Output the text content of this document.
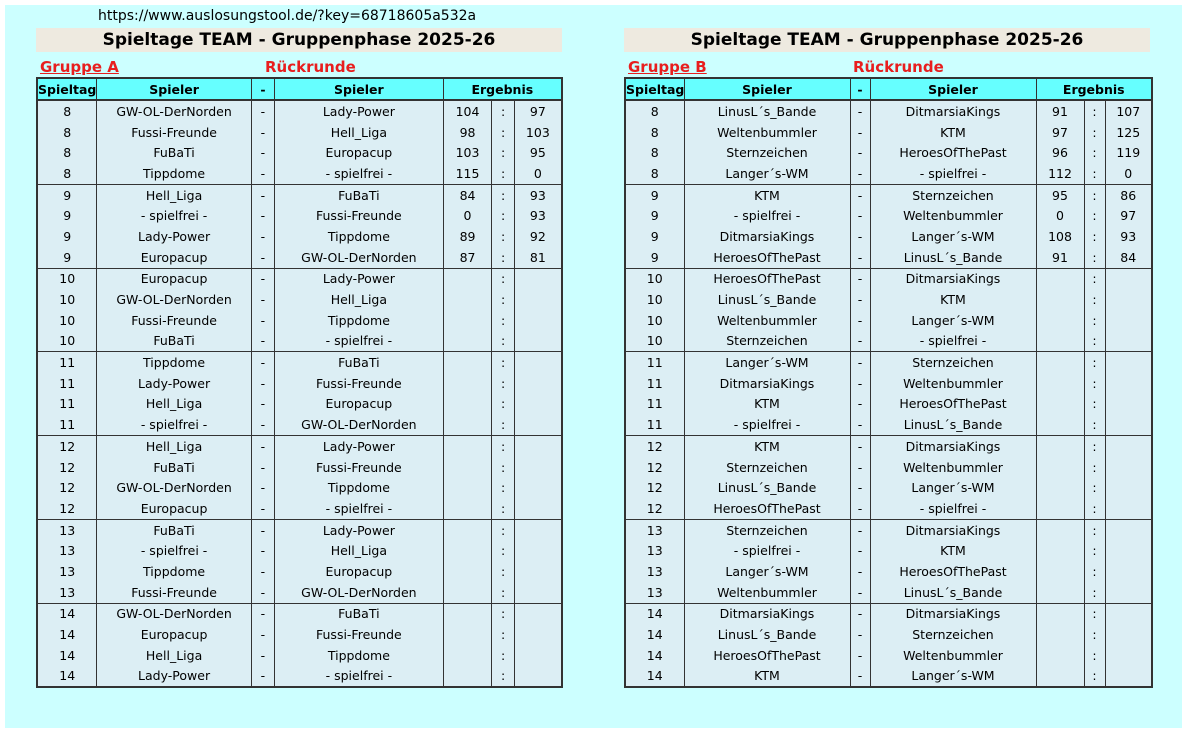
https://www.auslosungstool.de/?key=68718605a532a
Spieltage TEAM - Gruppenphase 2025-26
Gruppe A	Rückrunde
Spieltag	Spieler	-	Spieler	Ergebnis		
8	GW-OL-DerNorden	-	Lady-Power	104	:	97
8	Fussi-Freunde	-	Hell_Liga	98	:	103
8	FuBaTi	-	Europacup	103	:	95
8	Tippdome	-	- spielfrei -	115	:	0
9	Hell_Liga	-	FuBaTi	84	:	93
9	- spielfrei -	-	Fussi-Freunde	0	:	93
9	Lady-Power	-	Tippdome	89	:	92
9	Europacup	-	GW-OL-DerNorden	87	:	81
10	Europacup	-	Lady-Power		:	
10	GW-OL-DerNorden	-	Hell_Liga		:	
10	Fussi-Freunde	-	Tippdome		:	
10	FuBaTi	-	- spielfrei -		:	
11	Tippdome	-	FuBaTi		:	
11	Lady-Power	-	Fussi-Freunde		:	
11	Hell_Liga	-	Europacup		:	
11	- spielfrei -	-	GW-OL-DerNorden		:	
12	Hell_Liga	-	Lady-Power		:	
12	FuBaTi	-	Fussi-Freunde		:	
12	GW-OL-DerNorden	-	Tippdome		:	
12	Europacup	-	- spielfrei -		:	
13	FuBaTi	-	Lady-Power		:	
13	- spielfrei -	-	Hell_Liga		:	
13	Tippdome	-	Europacup		:	
13	Fussi-Freunde	-	GW-OL-DerNorden		:	
14	GW-OL-DerNorden	-	FuBaTi		:	
14	Europacup	-	Fussi-Freunde		:	
14	Hell_Liga	-	Tippdome		:	
14	Lady-Power	-	- spielfrei -		:	
Spieltage TEAM - Gruppenphase 2025-26
Gruppe B	Rückrunde
Spieltag	Spieler	-	Spieler	Ergebnis		
8	LinusL´s_Bande	-	DitmarsiaKings	91	:	107
8	Weltenbummler	-	KTM	97	:	125
8	Sternzeichen	-	HeroesOfThePast	96	:	119
8	Langer´s-WM	-	- spielfrei -	112	:	0
9	KTM	-	Sternzeichen	95	:	86
9	- spielfrei -	-	Weltenbummler	0	:	97
9	DitmarsiaKings	-	Langer´s-WM	108	:	93
9	HeroesOfThePast	-	LinusL´s_Bande	91	:	84
10	HeroesOfThePast	-	DitmarsiaKings		:	
10	LinusL´s_Bande	-	KTM		:	
10	Weltenbummler	-	Langer´s-WM		:	
10	Sternzeichen	-	- spielfrei -		:	
11	Langer´s-WM	-	Sternzeichen		:	
11	DitmarsiaKings	-	Weltenbummler		:	
11	KTM	-	HeroesOfThePast		:	
11	- spielfrei -	-	LinusL´s_Bande		:	
12	KTM	-	DitmarsiaKings		:	
12	Sternzeichen	-	Weltenbummler		:	
12	LinusL´s_Bande	-	Langer´s-WM		:	
12	HeroesOfThePast	-	- spielfrei -		:	
13	Sternzeichen	-	DitmarsiaKings		:	
13	- spielfrei -	-	KTM		:	
13	Langer´s-WM	-	HeroesOfThePast		:	
13	Weltenbummler	-	LinusL´s_Bande		:	
14	DitmarsiaKings	-	DitmarsiaKings		:	
14	LinusL´s_Bande	-	Sternzeichen		:	
14	HeroesOfThePast	-	Weltenbummler		:	
14	KTM	-	Langer´s-WM		:	
